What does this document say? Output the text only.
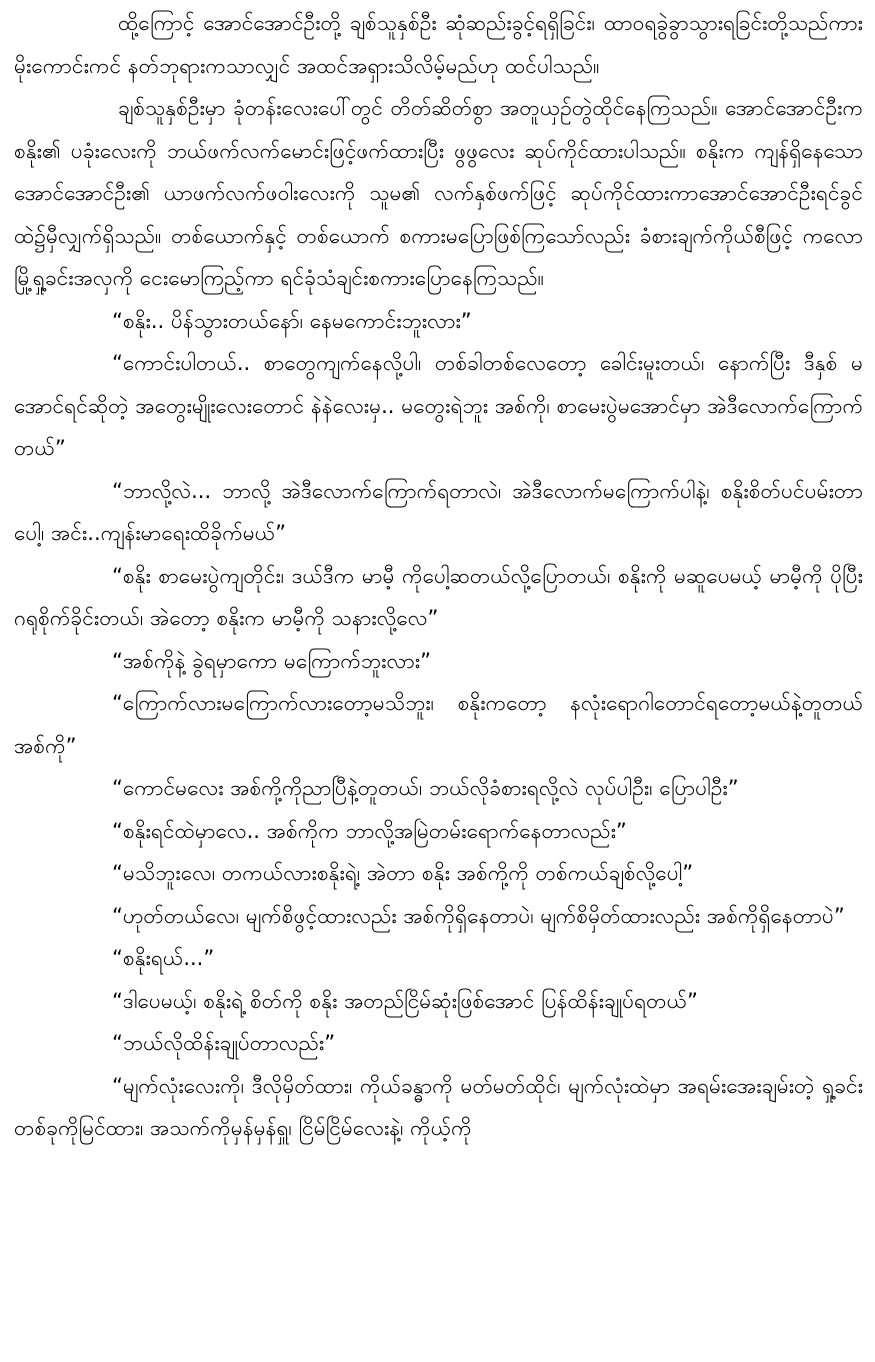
ထို့ကြောင့် အောင်အောင်ဦးတို့ ချစ်သူနှစ်ဦး ဆုံဆည်းခွင့်ရရှိခြင်း၊ ထာဝရခွဲခွာသွားရခြင်းတို့သည်ကား မိုးကောင်းကင် နတ်ဘုရားကသာလျှင် အထင်အရှားသိလိမ့်မည်ဟု ထင်ပါသည်။

ချစ်သူနှစ်ဦးမှာ ခုံတန်းလေးပေါ်တွင် တိတ်ဆိတ်စွာ အတူယှဉ်တွဲထိုင်နေကြသည်။ အောင်အောင်ဦးက စနိုး၏ ပခုံးလေးကို ဘယ်ဖက်လက်မောင်းဖြင့်ဖက်ထားပြီး ဖွဖွလေး ဆုပ်ကိုင်ထားပါသည်။ စနိုးက ကျန်ရှိနေသော အောင်အောင်ဦး၏ ယာဖက်လက်ဖဝါးလေးကို သူမ၏ လက်နှစ်ဖက်ဖြင့် ဆုပ်ကိုင်ထားကာအောင်အောင်ဦးရင်ခွင်ထဲ၌မှီလျှက်ရှိသည်။ တစ်ယောက်နှင့် တစ်ယောက် စကားမပြောဖြစ်ကြသော်လည်း ခံစားချက်ကိုယ်စီဖြင့် ကလောမြို့ရှု့ခင်းအလှကို ငေးမောကြည့်ကာ ရင်ခုံသံချင်းစကားပြောနေကြသည်။

“စနိုး.. ပိန်သွားတယ်နော်၊ နေမကောင်းဘူးလား”

“ကောင်းပါတယ်.. စာတွေကျက်နေလို့ပါ၊ တစ်ခါတစ်လေတော့ ခေါင်းမူးတယ်၊ နောက်ပြီး ဒီနှစ် မအောင်ရင်ဆိုတဲ့ အတွေးမျိုးလေးတောင် နဲနဲလေးမှ.. မတွေးရဲဘူး အစ်ကို၊ စာမေးပွဲမအောင်မှာ အဲဒီလောက်ကြောက်တယ်”

“ဘာလို့လဲ... ဘာလို့ အဲဒီလောက်ကြောက်ရတာလဲ၊ အဲဒီလောက်မကြောက်ပါနဲ့၊ စနိုးစိတ်ပင်ပမ်းတာပေါ့၊ အင်း..ကျန်းမာရေးထိခိုက်မယ်”

“စနိုး စာမေးပွဲကျတိုင်း၊ ဒယ်ဒီက မာမီ့ ကိုပေါ့ဆတယ်လို့ပြောတယ်၊ စနိုးကို မဆူပေမယ့် မာမီ့ကို ပိုပြီးဂရုစိုက်ခိုင်းတယ်၊ အဲတော့ စနိုးက မာမီ့ကို သနားလို့လေ”

“အစ်ကိုနဲ့ ခွဲရမှာကော မကြောက်ဘူးလား”

“ကြောက်လားမကြောက်လားတော့မသိဘူး၊ စနိုးကတော့ နလုံးရောဂါတောင်ရတော့မယ်နဲ့တူတယ်အစ်ကို”

“ကောင်မလေး အစ်ကို့ကိုညာပြီနဲ့တူတယ်၊ ဘယ်လိုခံစားရလို့လဲ လုပ်ပါဦး၊ ပြောပါဦး”

“စနိုးရင်ထဲမှာလေ.. အစ်ကိုက ဘာလို့အမြဲတမ်းရောက်နေတာလည်း”

“မသိဘူးလေ၊ တကယ်လားစနိုးရဲ့၊ အဲတာ စနိုး အစ်ကို့ကို တစ်ကယ်ချစ်လို့ပေါ့”

“ဟုတ်တယ်လေ၊ မျက်စိဖွင့်ထားလည်း အစ်ကိုရှိနေတာပဲ၊ မျက်စိမှိတ်ထားလည်း အစ်ကိုရှိနေတာပဲ”

“စနိုးရယ်...”

“ဒါပေမယ့်၊ စနိုးရဲ့ စိတ်ကို စနိုး အတည်ငြိမ်ဆုံးဖြစ်အောင် ပြန်ထိန်းချုပ်ရတယ်”

“ဘယ်လိုထိန်းချုပ်တာလည်း”

“မျက်လုံးလေးကို၊ ဒီလိုမှိတ်ထား၊ ကိုယ်ခန္ဓာကို မတ်မတ်ထိုင်၊ မျက်လုံးထဲမှာ အရမ်းအေးချမ်းတဲ့ ရှု့ခင်းတစ်ခုကိုမြင်ထား၊ အသက်ကိုမှန်မှန်ရှူ၊ ငြိမ်ငြိမ်လေးနဲ့၊ ကိုယ့်ကို
